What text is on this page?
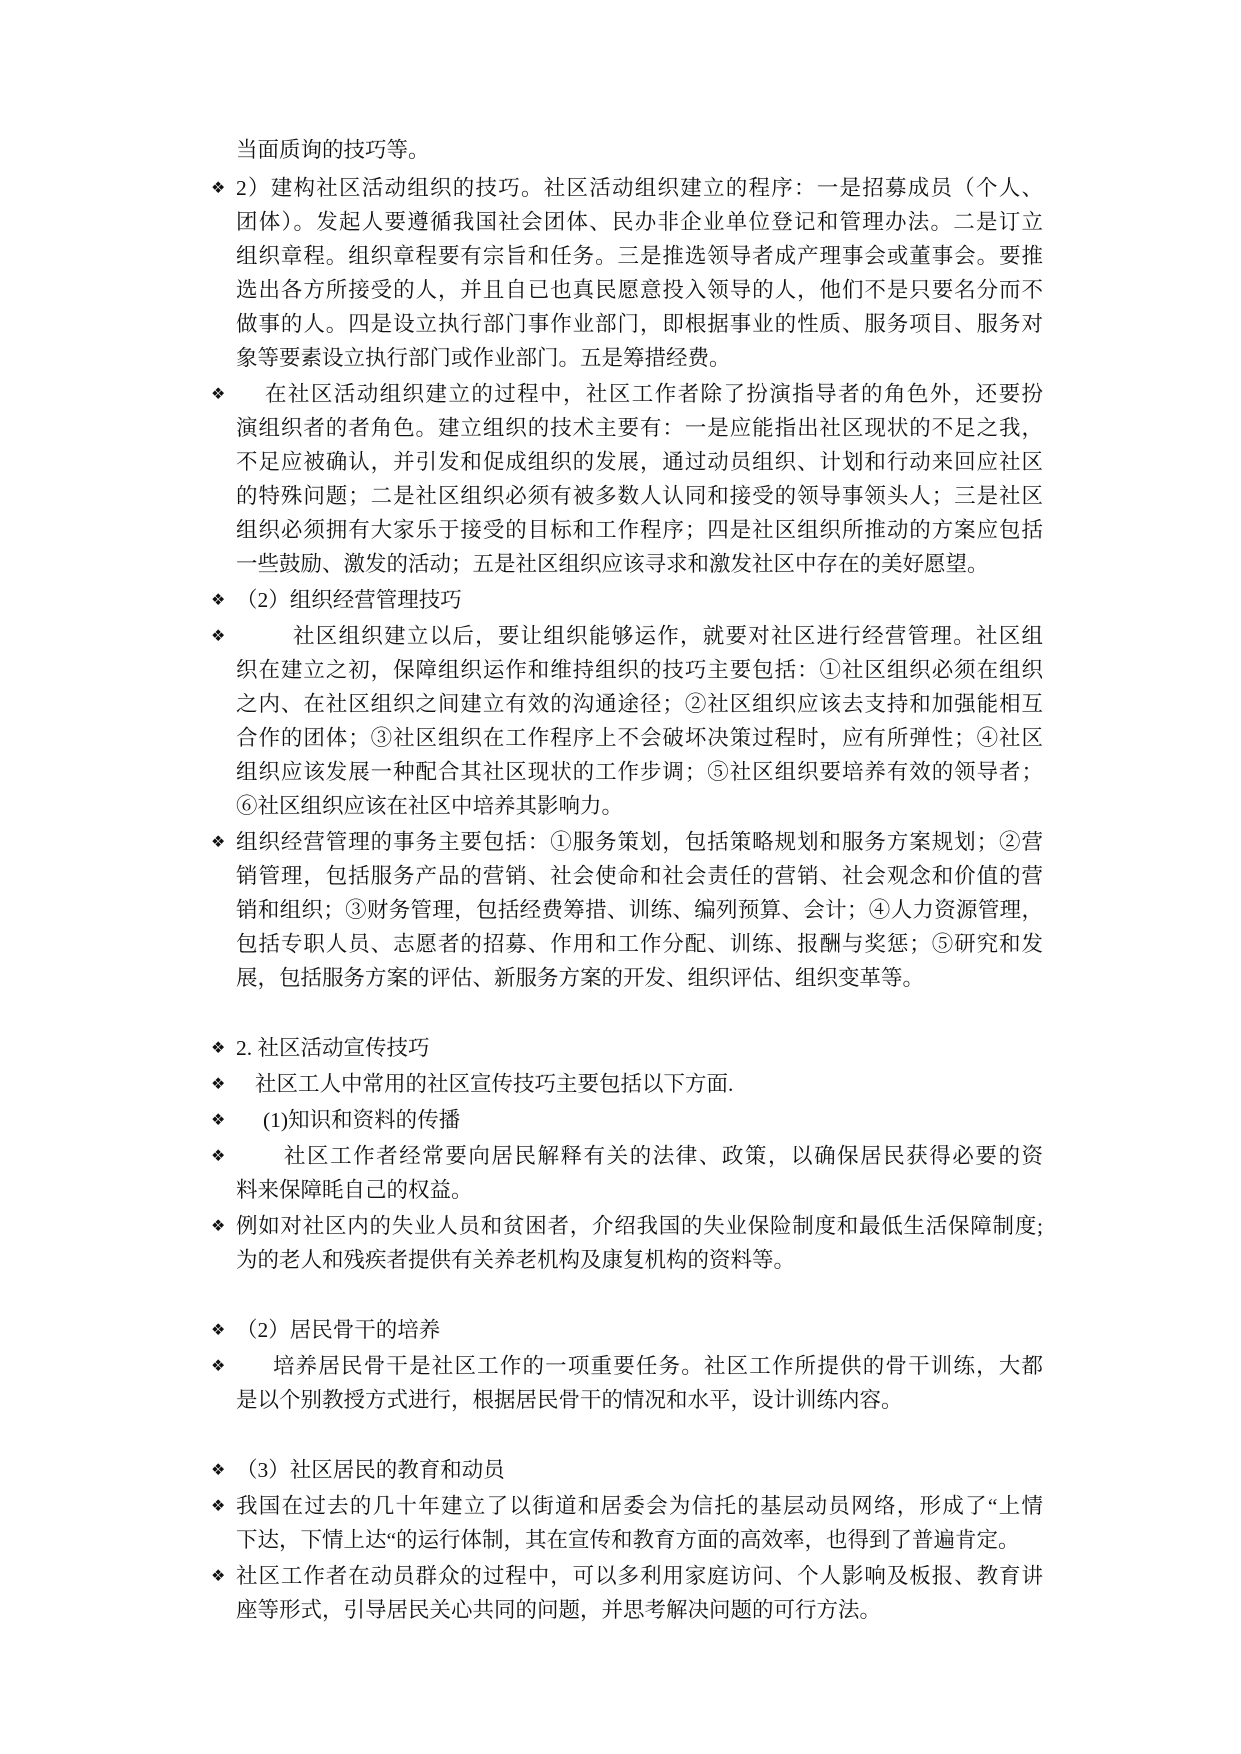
当面质询的技巧等。
❖ 2）建构社区活动组织的技巧。社区活动组织建立的程序：一是招募成员（个人、
团体）。发起人要遵循我国社会团体、民办非企业单位登记和管理办法。二是订立
组织章程。组织章程要有宗旨和任务。三是推选领导者成产理事会或董事会。要推
选出各方所接受的人，并且自已也真民愿意投入领导的人，他们不是只要名分而不
做事的人。四是设立执行部门事作业部门，即根据事业的性质、服务项目、服务对
象等要素设立执行部门或作业部门。五是筹措经费。
❖	在社区活动组织建立的过程中，社区工作者除了扮演指导者的角色外，还要扮
演组织者的者角色。建立组织的技术主要有：一是应能指出社区现状的不足之我，
不足应被确认，并引发和促成组织的发展，通过动员组织、计划和行动来回应社区
的特殊问题；二是社区组织必须有被多数人认同和接受的领导事领头人；三是社区
组织必须拥有大家乐于接受的目标和工作程序；四是社区组织所推动的方案应包括
一些鼓励、激发的活动；五是社区组织应该寻求和激发社区中存在的美好愿望。
❖ （2）组织经营管理技巧
❖	社区组织建立以后，要让组织能够运作，就要对社区进行经营管理。社区组
织在建立之初，保障组织运作和维持组织的技巧主要包括：①社区组织必须在组织
之内、在社区组织之间建立有效的沟通途径；②社区组织应该去支持和加强能相互
合作的团体；③社区组织在工作程序上不会破坏决策过程时，应有所弹性；④社区
组织应该发展一种配合其社区现状的工作步调；⑤社区组织要培养有效的领导者；
⑥社区组织应该在社区中培养其影响力。
❖ 组织经营管理的事务主要包括：①服务策划，包括策略规划和服务方案规划；②营
销管理，包括服务产品的营销、社会使命和社会责任的营销、社会观念和价值的营
销和组织；③财务管理，包括经费筹措、训练、编列预算、会计；④人力资源管理，
包括专职人员、志愿者的招募、作用和工作分配、训练、报酬与奖惩；⑤研究和发
展，包括服务方案的评估、新服务方案的开发、组织评估、组织变革等。
❖ 2. 社区活动宣传技巧
❖	社区工人中常用的社区宣传技巧主要包括以下方面.
❖	(1)知识和资料的传播
❖	社区工作者经常要向居民解释有关的法律、政策，以确保居民获得必要的资
料来保障眊自己的权益。
❖ 例如对社区内的失业人员和贫困者，介绍我国的失业保险制度和最低生活保障制度;
为的老人和残疾者提供有关养老机构及康复机构的资料等。
❖ （2）居民骨干的培养
❖	培养居民骨干是社区工作的一项重要任务。社区工作所提供的骨干训练，大都
是以个别教授方式进行，根据居民骨干的情况和水平，设计训练内容。
❖ （3）社区居民的教育和动员
❖ 我国在过去的几十年建立了以街道和居委会为信托的基层动员网络，形成了“上情
下达，下情上达“的运行体制，其在宣传和教育方面的高效率，也得到了普遍肯定。
❖ 社区工作者在动员群众的过程中，可以多利用家庭访问、个人影响及板报、教育讲
座等形式，引导居民关心共同的问题，并思考解决问题的可行方法。
